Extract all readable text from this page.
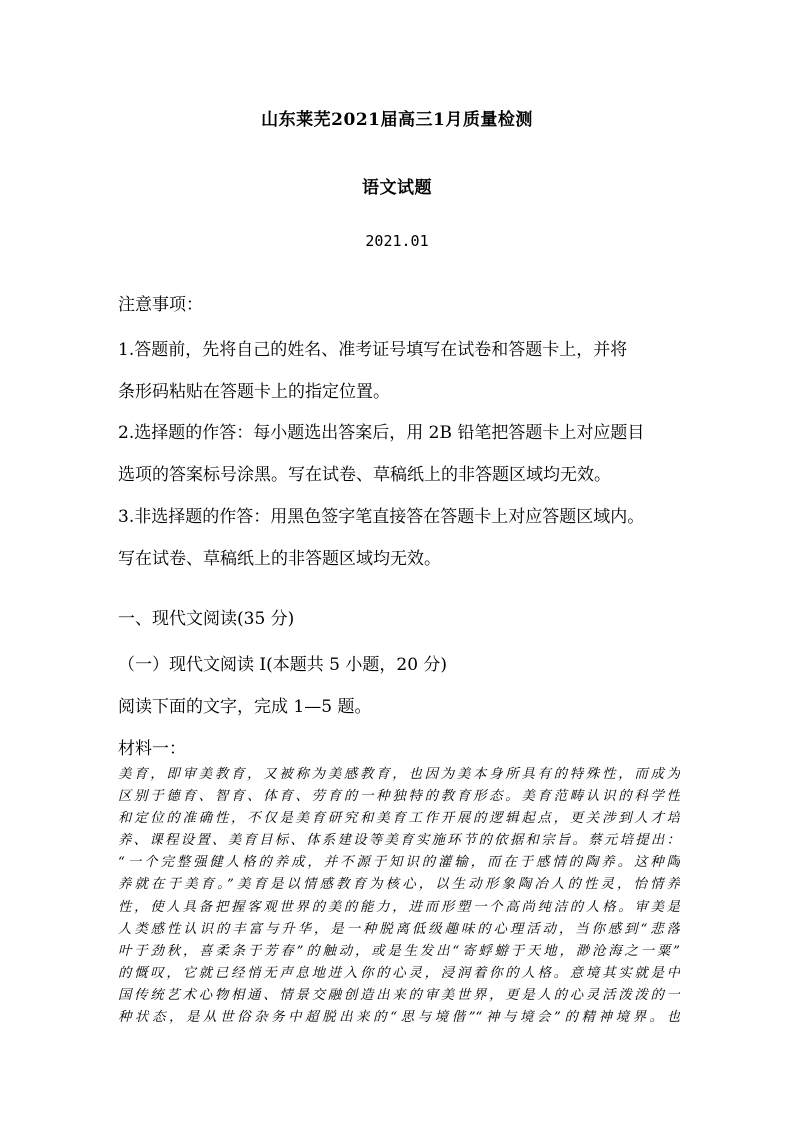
山东莱芜2021届高三1月质量检测
语文试题
2021.01
注意事项：
1.答题前，先将自己的姓名、准考证号填写在试卷和答题卡上，并将
条形码粘贴在答题卡上的指定位置。
2.选择题的作答：每小题选出答案后，用 2B 铅笔把答题卡上对应题目
选项的答案标号涂黑。写在试卷、草稿纸上的非答题区域均无效。
3.非选择题的作答：用黑色签字笔直接答在答题卡上对应答题区域内。
写在试卷、草稿纸上的非答题区域均无效。
一、现代文阅读(35 分)
（一）现代文阅读 I(本题共 5 小题，20 分)
阅读下面的文字，完成 1—5 题。
材料一：
美育，即审美教育，又被称为美感教育，也因为美本身所具有的特殊性，而成为
区别于德育、智育、体育、劳育的一种独特的教育形态。美育范畴认识的科学性
和定位的准确性，不仅是美育研究和美育工作开展的逻辑起点，更关涉到人才培
养、课程设置、美育目标、体系建设等美育实施环节的依据和宗旨。蔡元培提出：
“一个完整强健人格的养成，并不源于知识的灌输，而在于感情的陶养。这种陶
养就在于美育。”美育是以情感教育为核心，以生动形象陶冶人的性灵，怡情养
性，使人具备把握客观世界的美的能力，进而形塑一个高尚纯洁的人格。审美是
人类感性认识的丰富与升华，是一种脱离低级趣味的心理活动，当你感到“悲落
叶于劲秋，喜柔条于芳春”的触动，或是生发出“寄蜉蝣于天地，渺沧海之一粟”
的慨叹，它就已经悄无声息地进入你的心灵，浸润着你的人格。意境其实就是中
国传统艺术心物相通、情景交融创造出来的审美世界，更是人的心灵活泼泼的一
种状态，是从世俗杂务中超脱出来的“思与境偕”“神与境会”的精神境界。也
